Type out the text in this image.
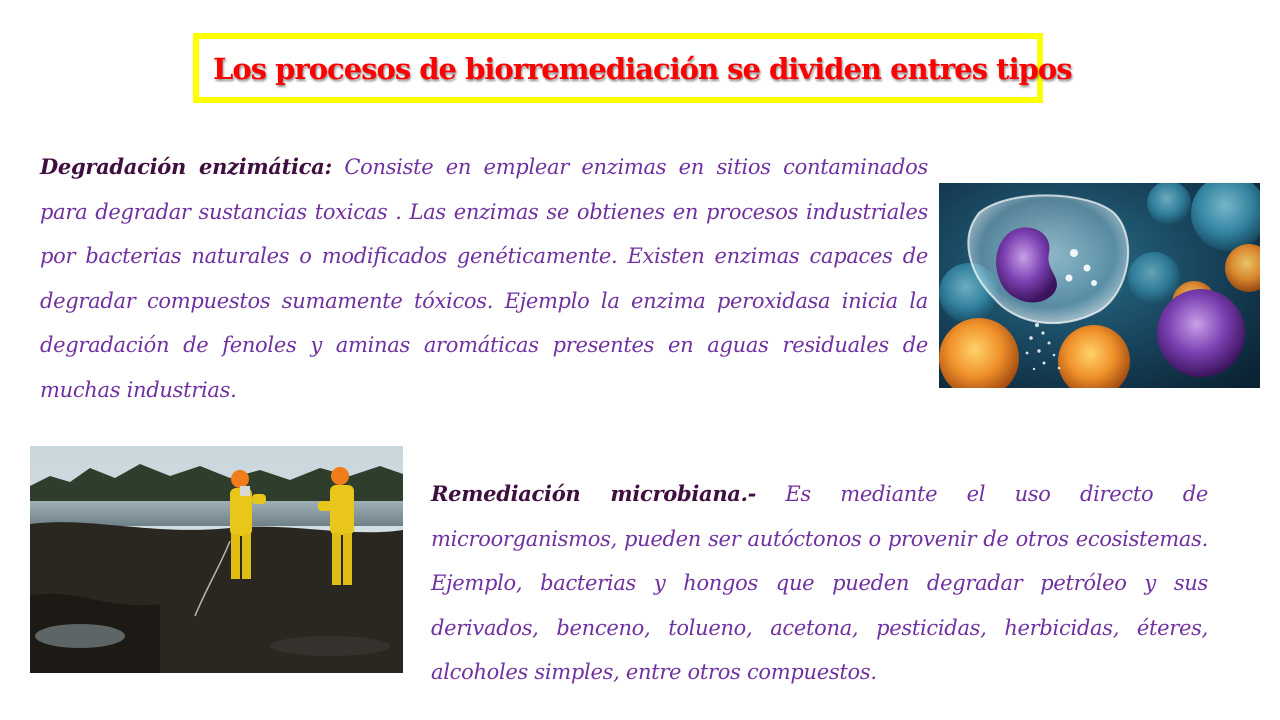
Los procesos de biorremediación se dividen entres tipos
Degradación enzimática: Consiste en emplear enzimas en sitios contaminados para degradar sustancias toxicas . Las enzimas se obtienes en procesos industriales por bacterias naturales o modificados genéticamente. Existen enzimas capaces de degradar compuestos sumamente tóxicos. Ejemplo la enzima peroxidasa inicia la degradación de fenoles y aminas aromáticas presentes en aguas residuales de muchas industrias.
Remediación microbiana.- Es mediante el uso directo de microorganismos, pueden ser autóctonos o provenir de otros ecosistemas. Ejemplo, bacterias y hongos que pueden degradar petróleo y sus derivados, benceno, tolueno, acetona, pesticidas, herbicidas, éteres, alcoholes simples, entre otros compuestos.
